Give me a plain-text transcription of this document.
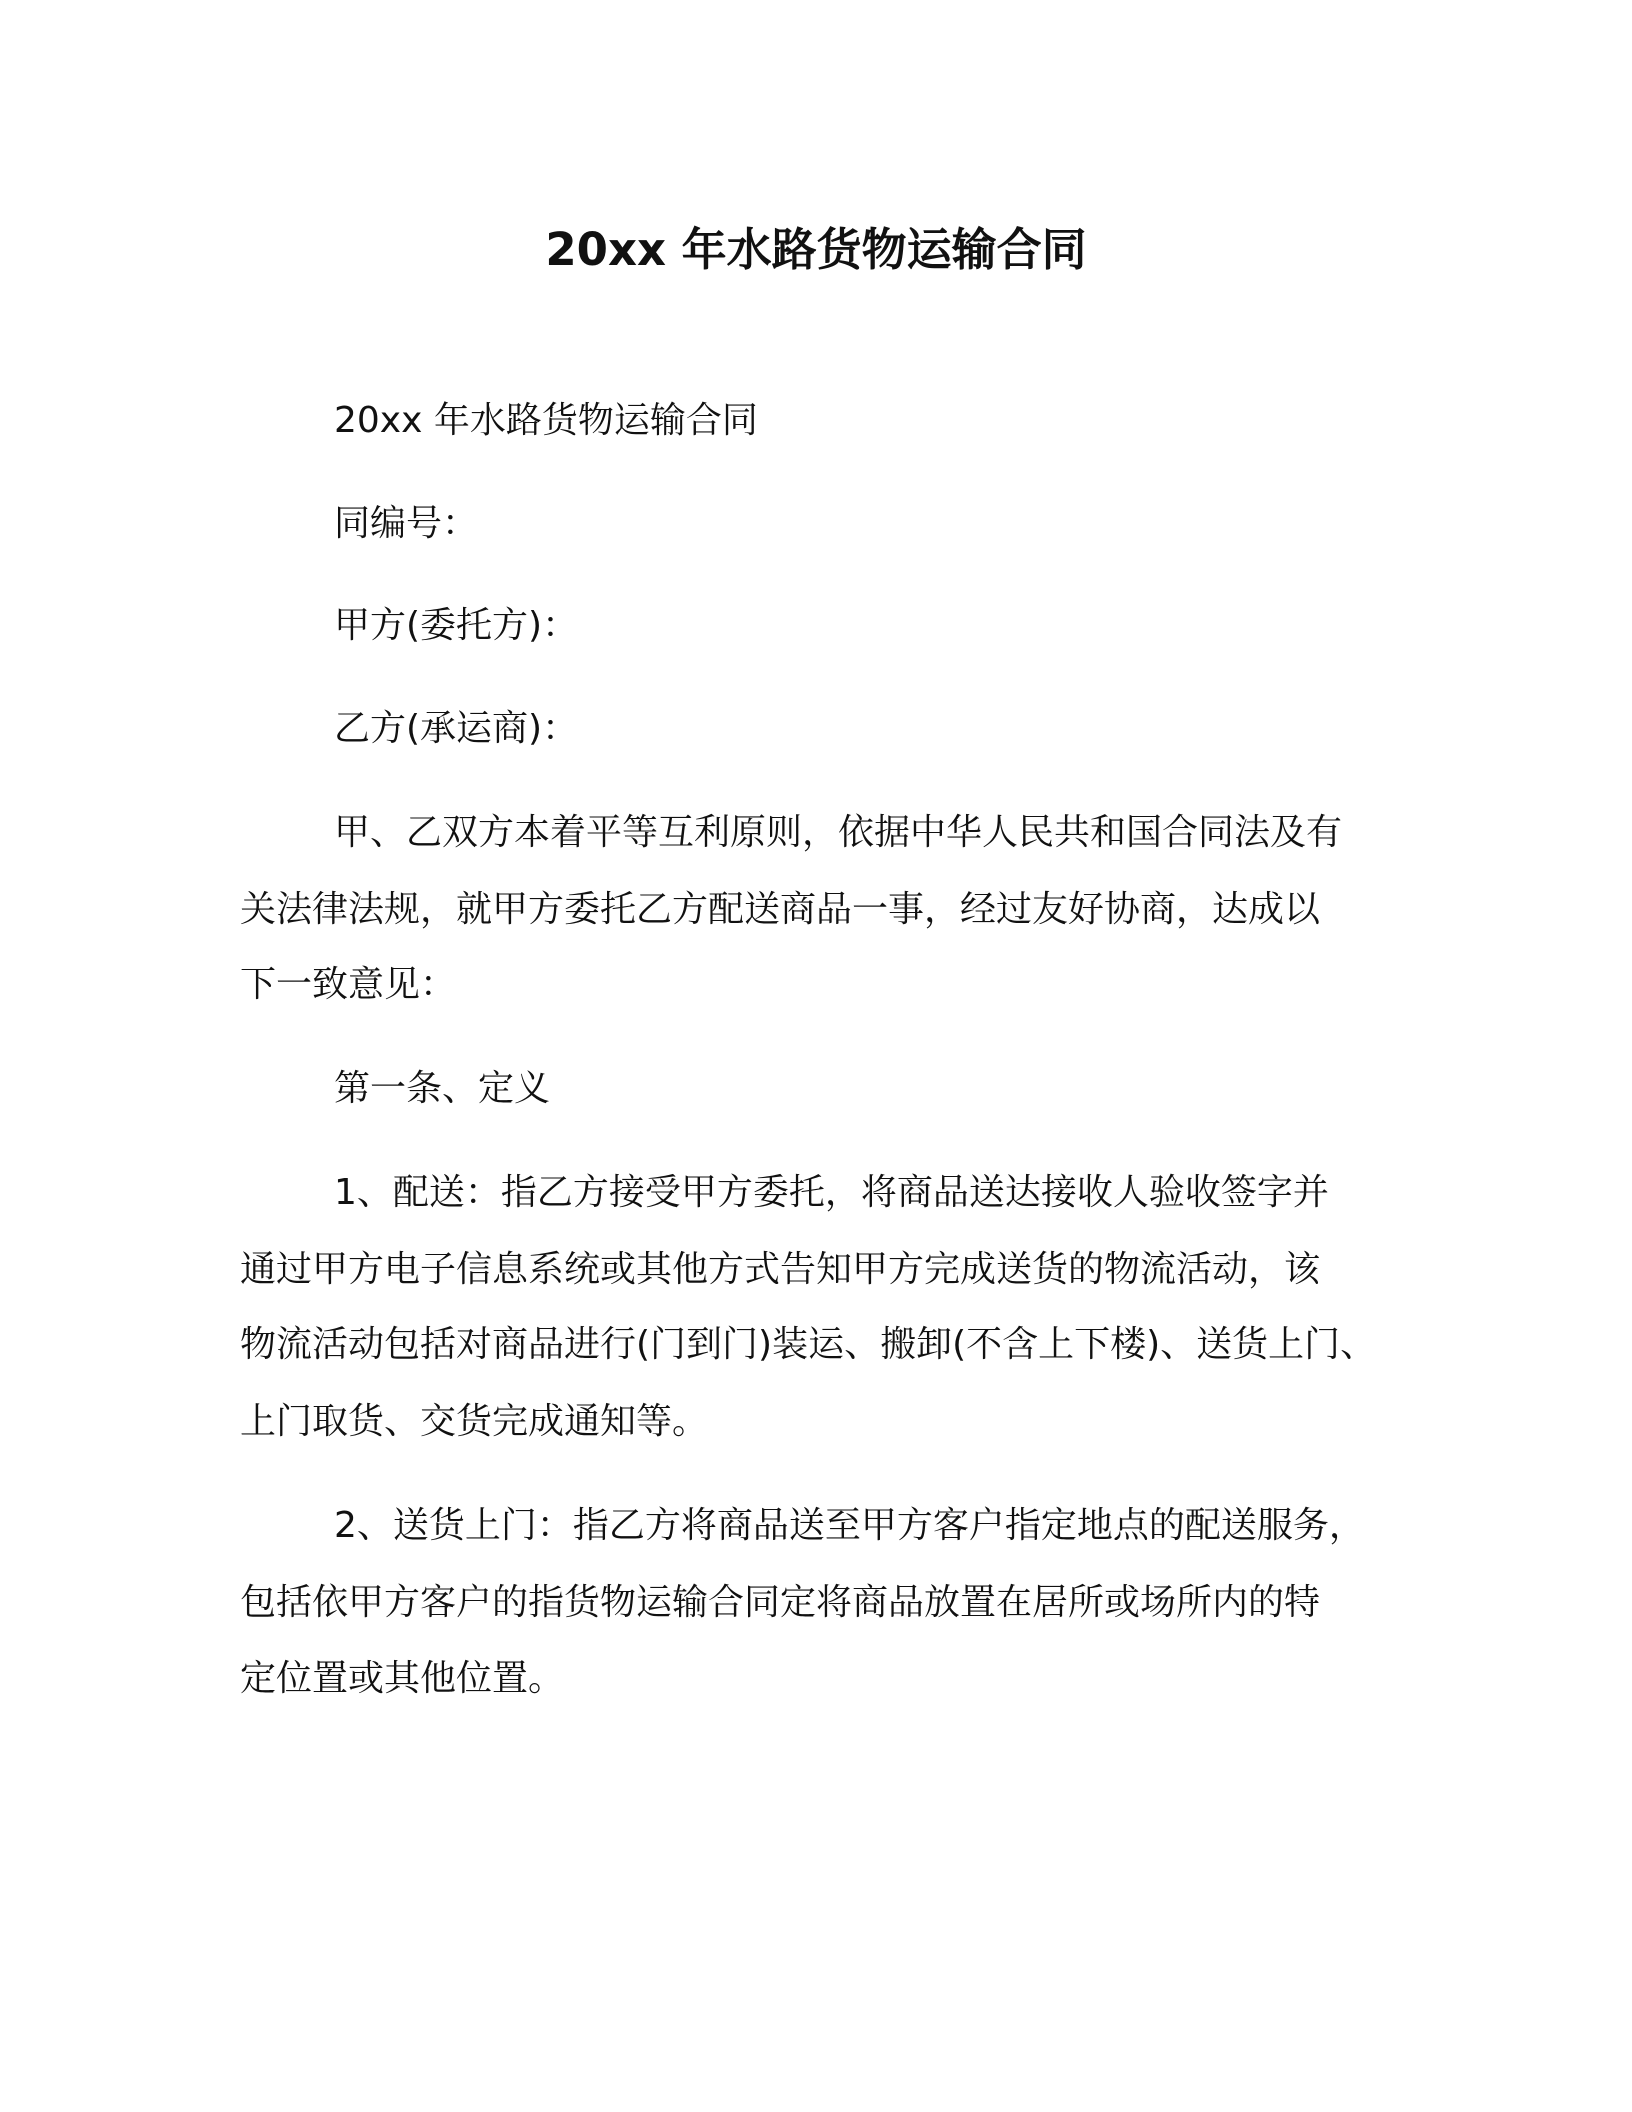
20xx 年水路货物运输合同
20xx 年水路货物运输合同
同编号：
甲方(委托方)：
乙方(承运商)：
甲、乙双方本着平等互利原则，依据中华人民共和国合同法及有
关法律法规，就甲方委托乙方配送商品一事，经过友好协商，达成以
下一致意见：
第一条、定义
1、配送：指乙方接受甲方委托，将商品送达接收人验收签字并
通过甲方电子信息系统或其他方式告知甲方完成送货的物流活动，该
物流活动包括对商品进行(门到门)装运、搬卸(不含上下楼)、送货上门、
上门取货、交货完成通知等。
2、送货上门：指乙方将商品送至甲方客户指定地点的配送服务，
包括依甲方客户的指货物运输合同定将商品放置在居所或场所内的特
定位置或其他位置。
